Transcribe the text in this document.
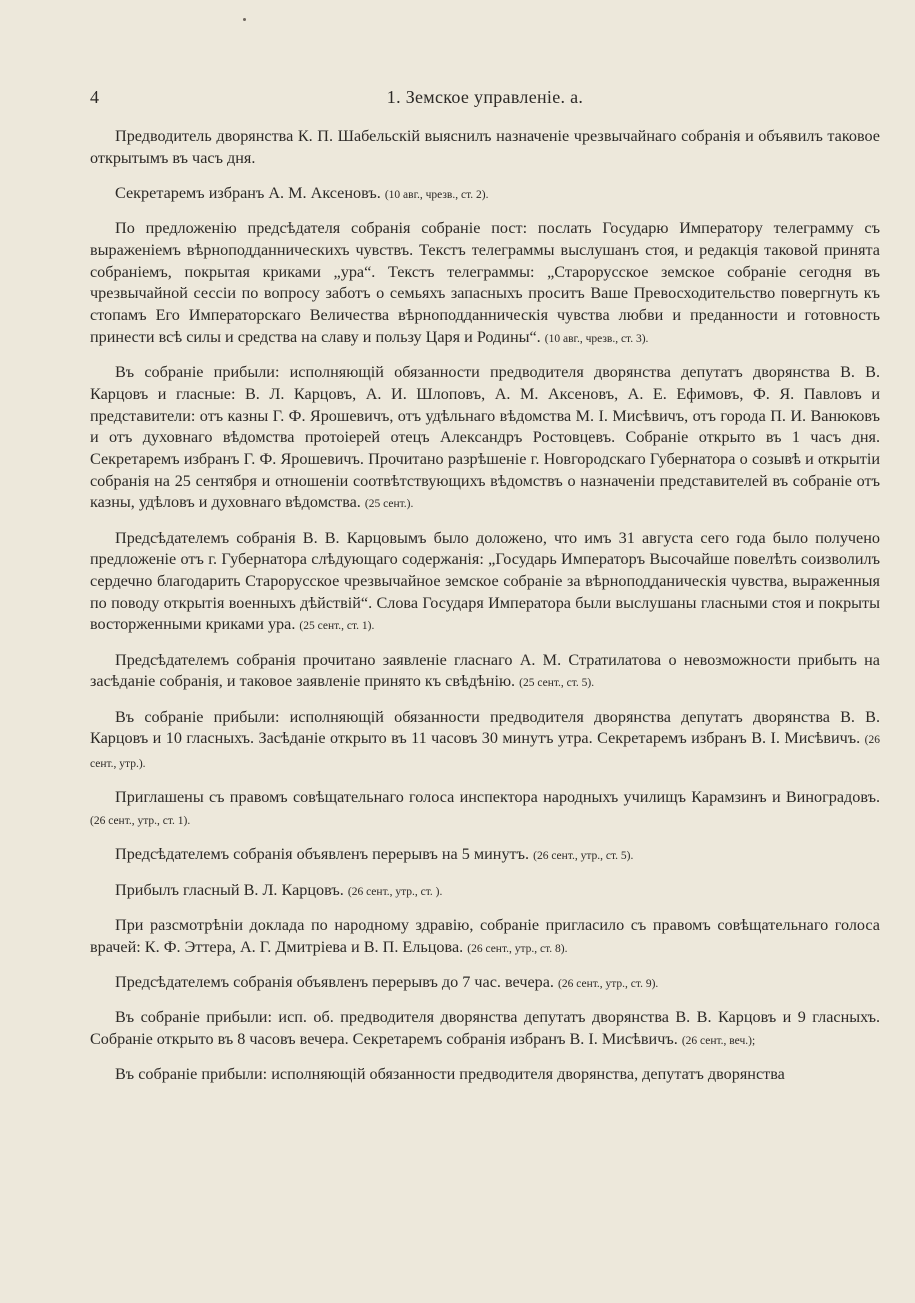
4	1. Земское управленіе. а.

Предводитель дворянства К. П. Шабельскій выяснилъ назначеніе чрезвычайнаго собранія и объявилъ таковое открытымъ въ часъ дня.

Секретаремъ избранъ А. М. Аксеновъ. (10 авг., чрезв., ст. 2).

По предложенію предсѣдателя собранія собраніе пост: послать Государю Императору телеграмму съ выраженіемъ вѣрноподданническихъ чувствъ. Текстъ телеграммы выслушанъ стоя, и редакція таковой принята собраніемъ, покрытая криками „ура“. Текстъ телеграммы: „Старорусское земское собраніе сегодня въ чрезвычайной сессіи по вопросу заботъ о семьяхъ запасныхъ проситъ Ваше Превосходительство повергнуть къ стопамъ Его Императорскаго Величества вѣрноподданническія чувства любви и преданности и готовность принести всѣ силы и средства на славу и пользу Царя и Родины“. (10 авг., чрезв., ст. 3).

Въ собраніе прибыли: исполняющій обязанности предводителя дворянства депутатъ дворянства В. В. Карцовъ и гласные: В. Л. Карцовъ, А. И. Шлоповъ, А. М. Аксеновъ, А. Е. Ефимовъ, Ф. Я. Павловъ и представители: отъ казны Г. Ф. Ярошевичъ, отъ удѣльнаго вѣдомства М. І. Мисѣвичъ, отъ города П. И. Ванюковъ и отъ духовнаго вѣдомства протоіерей отецъ Александръ Ростовцевъ. Собраніе открыто въ 1 часъ дня. Секретаремъ избранъ Г. Ф. Ярошевичъ. Прочитано разрѣшеніе г. Новгородскаго Губернатора о созывѣ и открытіи собранія на 25 сентября и отношеніи соотвѣтствующихъ вѣдомствъ о назначеніи представителей въ собраніе отъ казны, удѣловъ и духовнаго вѣдомства. (25 сент.).

Предсѣдателемъ собранія В. В. Карцовымъ было доложено, что имъ 31 августа сего года было получено предложеніе отъ г. Губернатора слѣдующаго содержанія: „Государь Императоръ Высочайше повелѣть соизволилъ сердечно благодарить Старорусское чрезвычайное земское собраніе за вѣрноподданическія чувства, выраженныя по поводу открытія военныхъ дѣйствій“. Слова Государя Императора были выслушаны гласными стоя и покрыты восторженными криками ура. (25 сент., ст. 1).

Предсѣдателемъ собранія прочитано заявленіе гласнаго А. М. Стратилатова о невозможности прибыть на засѣданіе собранія, и таковое заявленіе принято къ свѣдѣнію. (25 сент., ст. 5).

Въ собраніе прибыли: исполняющій обязанности предводителя дворянства депутатъ дворянства В. В. Карцовъ и 10 гласныхъ. Засѣданіе открыто въ 11 часовъ 30 минутъ утра. Секретаремъ избранъ В. І. Мисѣвичъ. (26 сент., утр.).

Приглашены съ правомъ совѣщательнаго голоса инспектора народныхъ училищъ Карамзинъ и Виноградовъ. (26 сент., утр., ст. 1).

Предсѣдателемъ собранія объявленъ перерывъ на 5 минутъ. (26 сент., утр., ст. 5).

Прибылъ гласный В. Л. Карцовъ. (26 сент., утр., ст. ).

При разсмотрѣніи доклада по народному здравію, собраніе пригласило съ правомъ совѣщательнаго голоса врачей: К. Ф. Эттера, А. Г. Дмитріева и В. П. Ельцова. (26 сент., утр., ст. 8).

Предсѣдателемъ собранія объявленъ перерывъ до 7 час. вечера. (26 сент., утр., ст. 9).

Въ собраніе прибыли: исп. об. предводителя дворянства депутатъ дворянства В. В. Карцовъ и 9 гласныхъ. Собраніе открыто въ 8 часовъ вечера. Секретаремъ собранія избранъ В. І. Мисѣвичъ. (26 сент., веч.);

Въ собраніе прибыли: исполняющій обязанности предводителя дворянства, депутатъ дворянства
